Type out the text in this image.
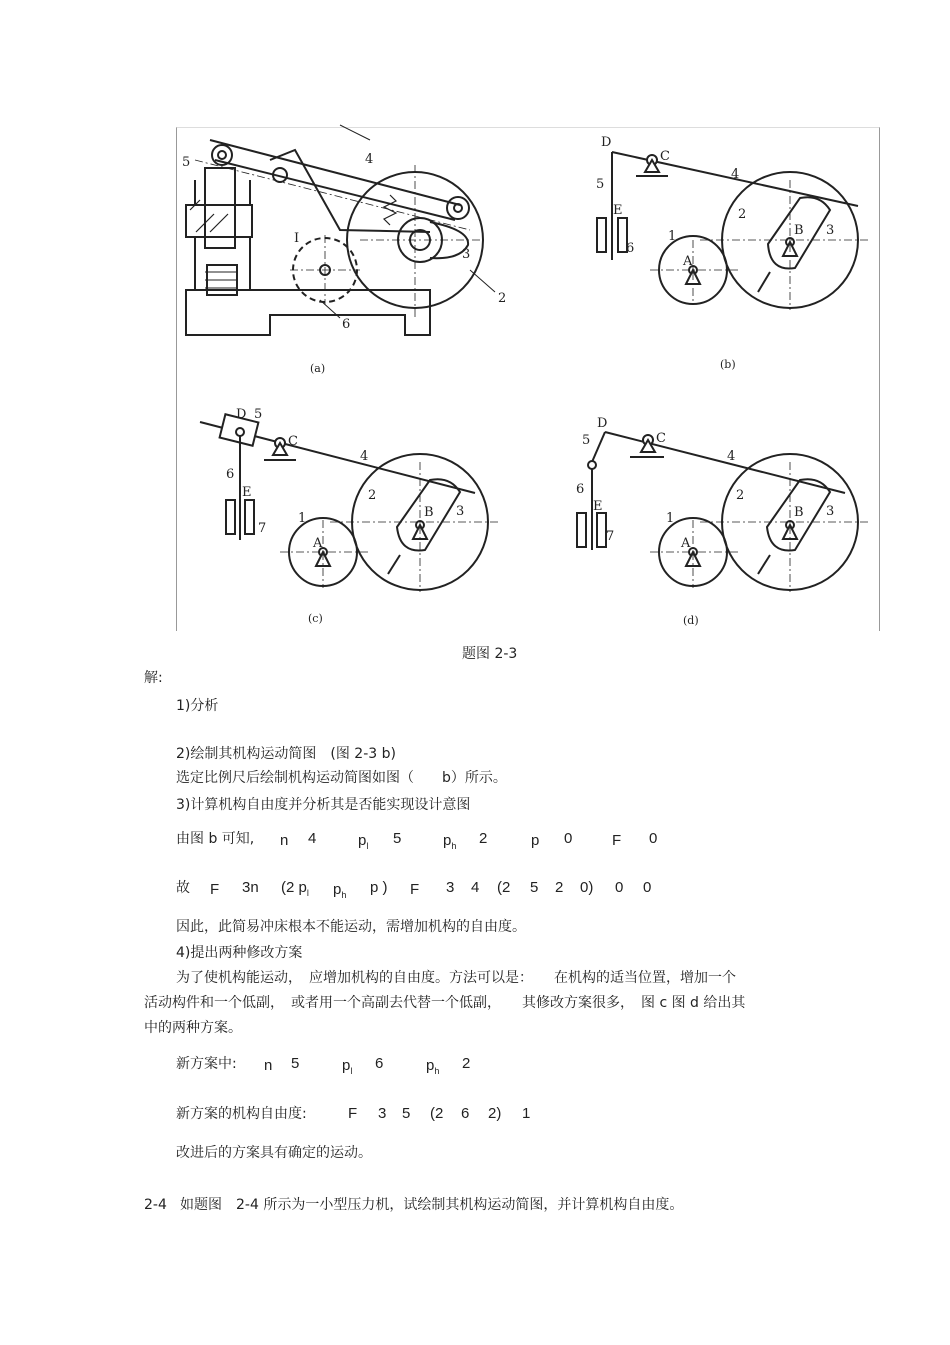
5	4
I
3
2
6
(a)
D
C
5
4
E
6
2
3
1
A
B
(b)
D 5
C
6
4
E
7
2
3
1
A
B
(c)
D
5	C
6
4
E
7
2
3
1
A
B
(d)
题图 2-3
解:
1)分析
2)绘制其机构运动简图　(图 2-3 b)
选定比例尺后绘制机构运动简图如图（　　b）所示。
3)计算机构自由度并分析其是否能实现设计意图
由图 b 可知, n 4	$p_l$ 5	$p_h$ 2	p 0	F 0
故 F 3n (2 $p_l$ $p_h$ p ) F 3 4 (2 5 2 0) 0 0
因此，此简易冲床根本不能运动，需增加机构的自由度。
4)提出两种修改方案
为了使机构能运动，　应增加机构的自由度。方法可以是：　　在机构的适当位置，增加一个
活动构件和一个低副，　或者用一个高副去代替一个低副，　　其修改方案很多，　图 c 图 d 给出其
中的两种方案。
新方案中: n 5	$p_l$ 6	$p_h$ 2
新方案的机构自由度:	F 3 5 (2 6 2) 1
改进后的方案具有确定的运动。
2-4 如题图　2-4 所示为一小型压力机，试绘制其机构运动简图，并计算机构自由度。
